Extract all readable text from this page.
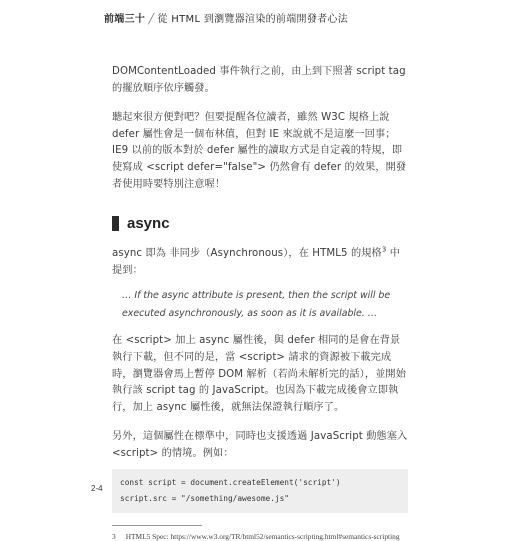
前端三十 ╱ 從 HTML 到瀏覽器渲染的前端開發者心法

DOMContentLoaded 事件執行之前，由上到下照著 script tag 的擺放順序依序觸發。

聽起來很方便對吧？但要提醒各位讀者，雖然 W3C 規格上說 defer 屬性會是一個布林值，但對 IE 來說就不是這麼一回事；IE9 以前的版本對於 defer 屬性的讀取方式是自定義的特規，即使寫成 <script defer="false"> 仍然會有 defer 的效果，開發者使用時要特別注意喔！

async

async 即為 非同步（Asynchronous），在 HTML5 的規格$^3$ 中提到：

… If the async attribute is present, then the script will be executed asynchronously, as soon as it is available. …

在 <script> 加上 async 屬性後，與 defer 相同的是會在背景執行下載，但不同的是，當 <script> 請求的資源被下載完成時，瀏覽器會馬上暫停 DOM 解析（若尚未解析完的話），並開始執行該 script tag 的 JavaScript。也因為下載完成後會立即執行，加上 async 屬性後，就無法保證執行順序了。

另外，這個屬性在標準中，同時也支援透過 JavaScript 動態塞入 <script> 的情境。例如：

const script = document.createElement('script')
script.src = "/something/awesome.js"
3 HTML5 Spec: https://www.w3.org/TR/html52/semantics-scripting.html#semantics-scripting
2-4
